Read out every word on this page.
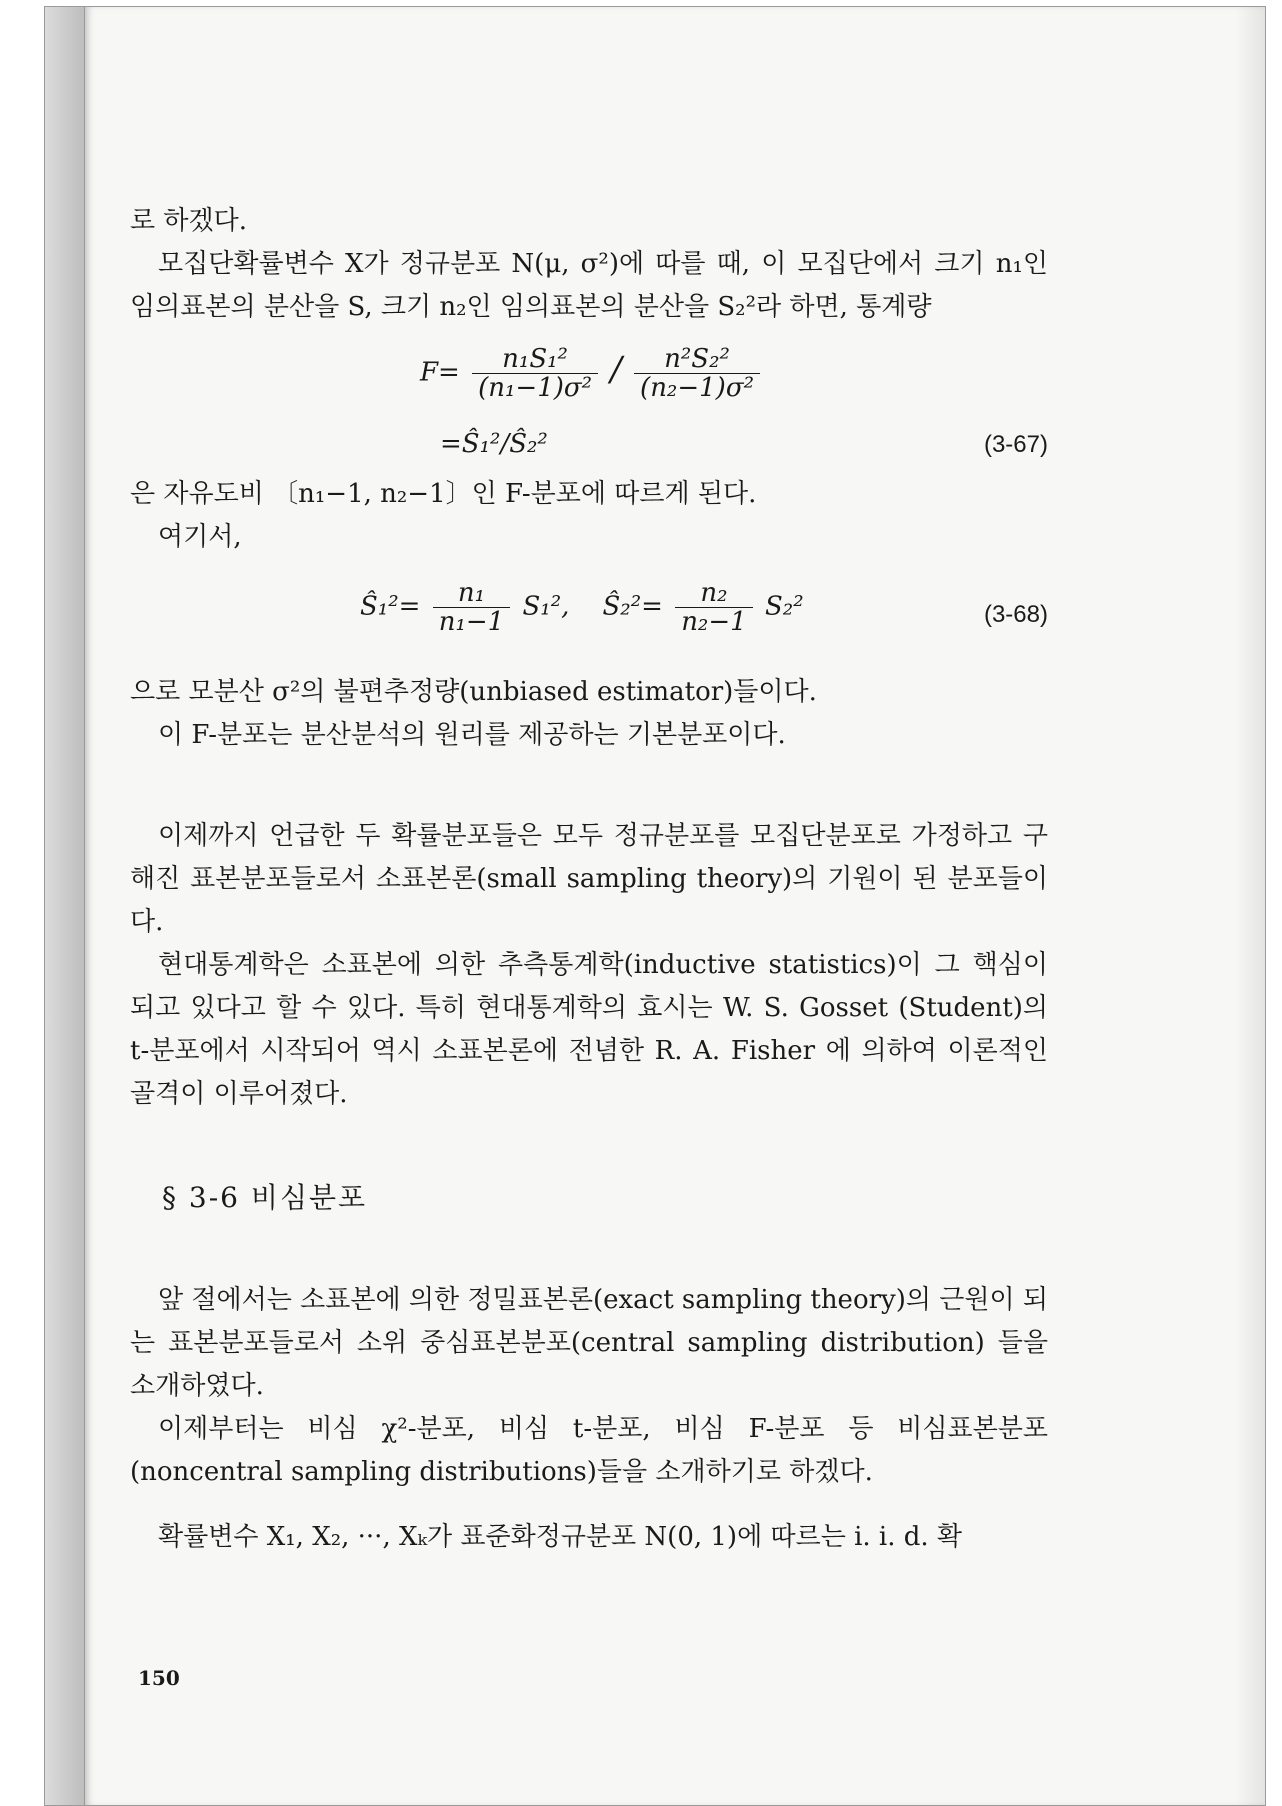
로 하겠다.

모집단확률변수 X가 정규분포 N(μ, σ²)에 따를 때, 이 모집단에서 크기 n₁인 임의표본의 분산을 S, 크기 n₂인 임의표본의 분산을 S₂²라 하면, 통계량

$F= \frac{\text{n₁S₁²}}{\text{(n₁−1)σ²}} / \frac{\text{n²S₂²}}{\text{(n₂−1)σ²}}$
=Ŝ₁²/Ŝ₂²	(3-67)

은 자유도비 〔n₁−1, n₂−1〕인 F-분포에 따르게 된다.

여기서,

Ŝ₁²= $\frac{\text{n₁}}{\text{n₁−1}} S_1^2$, Ŝ₂²= $\frac{\text{n₂}}{\text{n₂−1}} S_2^2$	(3-68)

으로 모분산 σ²의 불편추정량(unbiased estimator)들이다.

이 F-분포는 분산분석의 원리를 제공하는 기본분포이다.

이제까지 언급한 두 확률분포들은 모두 정규분포를 모집단분포로 가정하고 구해진 표본분포들로서 소표본론(small sampling theory)의 기원이 된 분포들이다.

현대통계학은 소표본에 의한 추측통계학(inductive statistics)이 그 핵심이 되고 있다고 할 수 있다. 특히 현대통계학의 효시는 W. S. Gosset (Student)의 t-분포에서 시작되어 역시 소표본론에 전념한 R. A. Fisher 에 의하여 이론적인 골격이 이루어졌다.

§ 3-6 비심분포

앞 절에서는 소표본에 의한 정밀표본론(exact sampling theory)의 근원이 되는 표본분포들로서 소위 중심표본분포(central sampling distribution) 들을 소개하였다.

이제부터는 비심 χ²-분포, 비심 t-분포, 비심 F-분포 등 비심표본분포 (noncentral sampling distributions)들을 소개하기로 하겠다.

확률변수 X₁, X₂, ···, Xₖ가 표준화정규분포 N(0, 1)에 따르는 i. i. d. 확

150
